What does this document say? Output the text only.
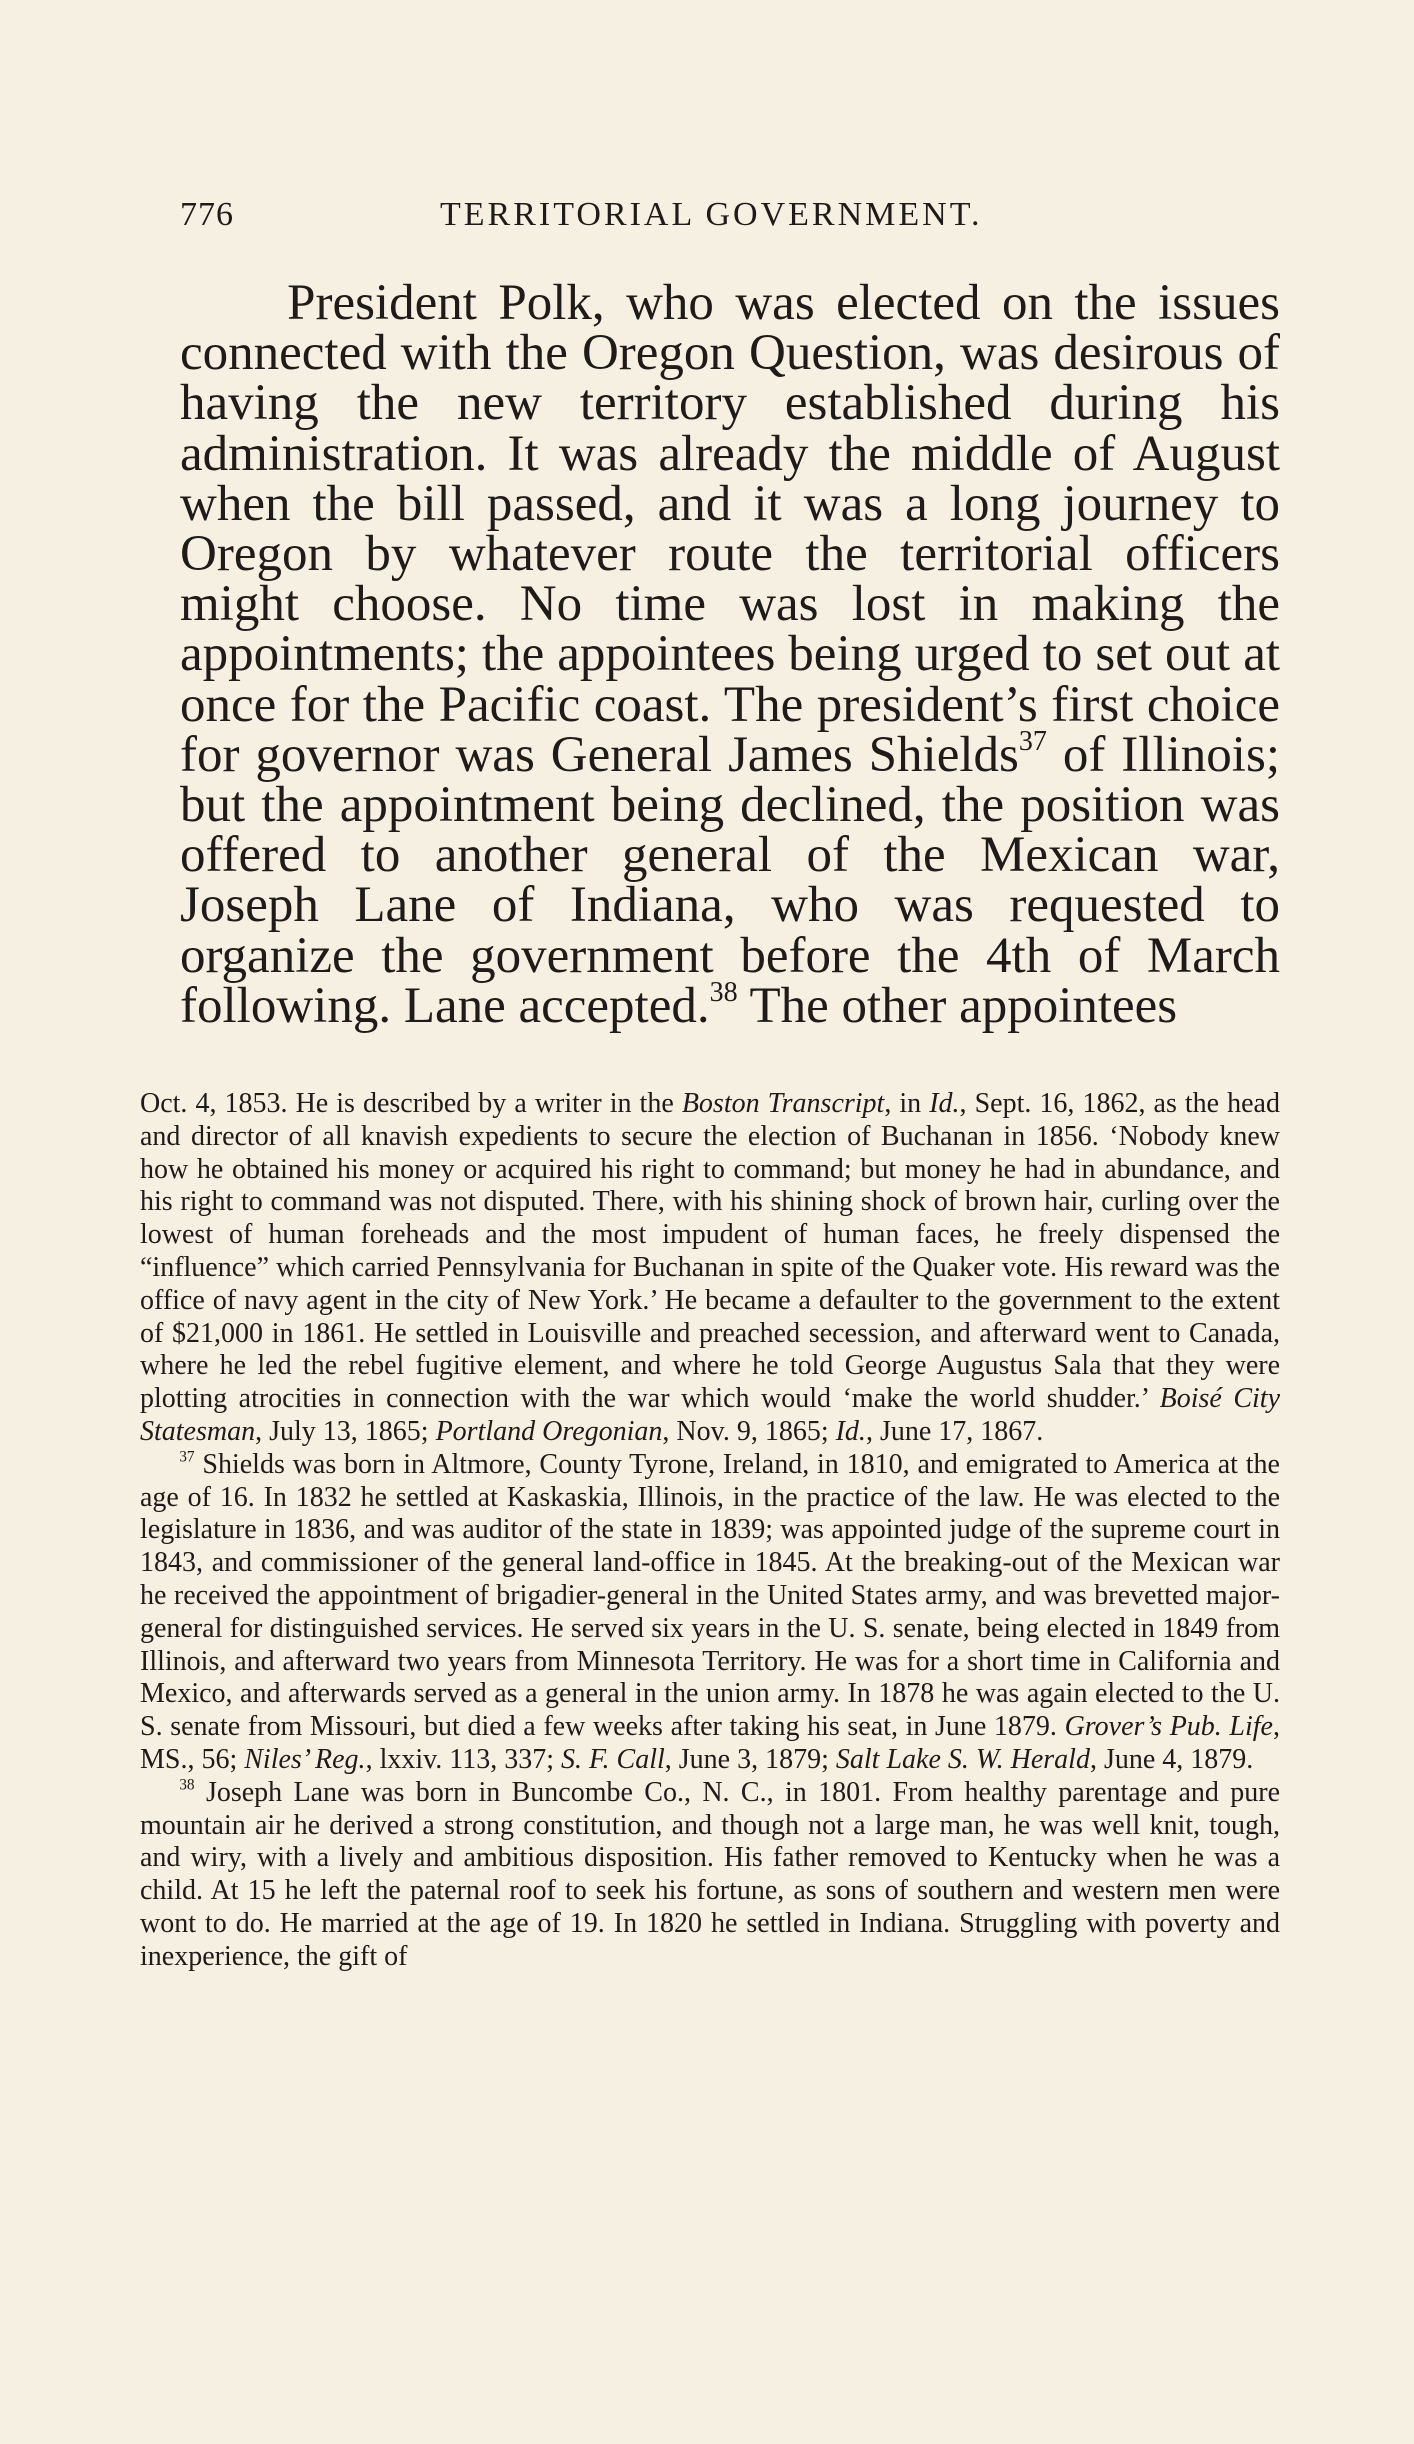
776	TERRITORIAL GOVERNMENT.

President Polk, who was elected on the issues connected with the Oregon Question, was desirous of having the new territory established during his administration. It was already the middle of August when the bill passed, and it was a long journey to Oregon by whatever route the territorial officers might choose. No time was lost in making the appointments; the appointees being urged to set out at once for the Pacific coast. The president’s first choice for governor was General James Shields$^{37}$ of Illinois; but the appointment being declined, the position was offered to another general of the Mexican war, Joseph Lane of Indiana, who was requested to organize the government before the 4th of March following. Lane accepted.$^{38}$ The other appointees

Oct. 4, 1853. He is described by a writer in the Boston Transcript, in Id., Sept. 16, 1862, as the head and director of all knavish expedients to secure the election of Buchanan in 1856. ‘Nobody knew how he obtained his money or acquired his right to command; but money he had in abundance, and his right to command was not disputed. There, with his shining shock of brown hair, curling over the lowest of human foreheads and the most impudent of human faces, he freely dispensed the “influence” which carried Pennsylvania for Buchanan in spite of the Quaker vote. His reward was the office of navy agent in the city of New York.’ He became a defaulter to the government to the extent of $21,000 in 1861. He settled in Louisville and preached secession, and afterward went to Canada, where he led the rebel fugitive element, and where he told George Augustus Sala that they were plotting atrocities in connection with the war which would ‘make the world shudder.’ Boisé City Statesman, July 13, 1865; Portland Oregonian, Nov. 9, 1865; Id., June 17, 1867.

$^{37}$ Shields was born in Altmore, County Tyrone, Ireland, in 1810, and emigrated to America at the age of 16. In 1832 he settled at Kaskaskia, Illinois, in the practice of the law. He was elected to the legislature in 1836, and was auditor of the state in 1839; was appointed judge of the supreme court in 1843, and commissioner of the general land-office in 1845. At the breaking-out of the Mexican war he received the appointment of brigadier-general in the United States army, and was brevetted major-general for distinguished services. He served six years in the U. S. senate, being elected in 1849 from Illinois, and afterward two years from Minnesota Territory. He was for a short time in California and Mexico, and afterwards served as a general in the union army. In 1878 he was again elected to the U. S. senate from Missouri, but died a few weeks after taking his seat, in June 1879. Grover’s Pub. Life, MS., 56; Niles’ Reg., lxxiv. 113, 337; S. F. Call, June 3, 1879; Salt Lake S. W. Herald, June 4, 1879.

$^{38}$ Joseph Lane was born in Buncombe Co., N. C., in 1801. From healthy parentage and pure mountain air he derived a strong constitution, and though not a large man, he was well knit, tough, and wiry, with a lively and ambitious disposition. His father removed to Kentucky when he was a child. At 15 he left the paternal roof to seek his fortune, as sons of southern and western men were wont to do. He married at the age of 19. In 1820 he settled in Indiana. Struggling with poverty and inexperience, the gift of
